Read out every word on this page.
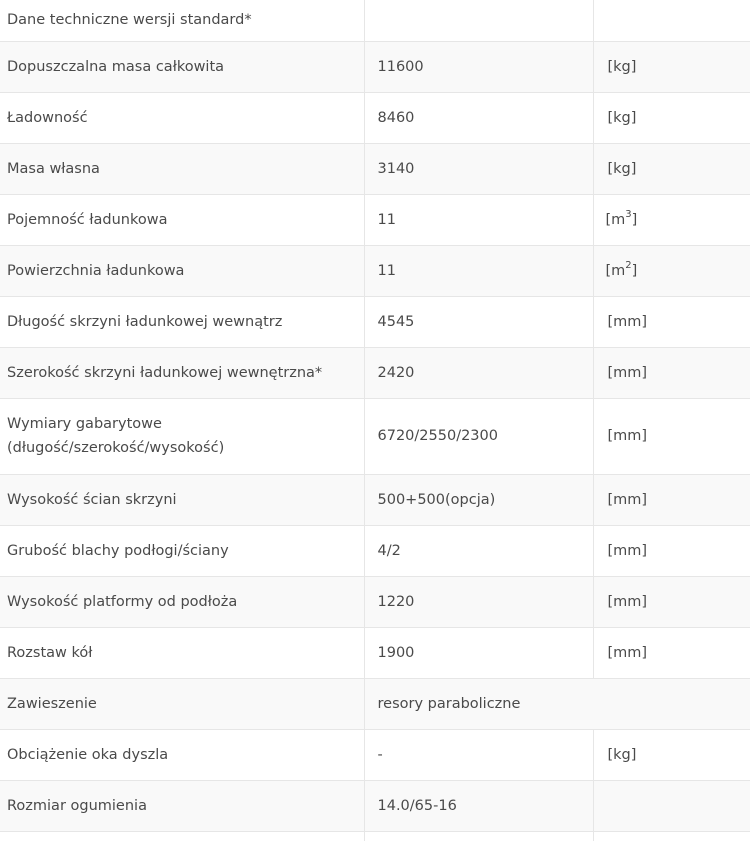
Dane techniczne wersji standard*		
Dopuszczalna masa całkowita	11600	[kg]
Ładowność	8460	[kg]
Masa własna	3140	[kg]
Pojemność ładunkowa	11	$[m^3]$
Powierzchnia ładunkowa	11	$[m^2]$
Długość skrzyni ładunkowej wewnątrz	4545	[mm]
Szerokość skrzyni ładunkowej wewnętrzna*	2420	[mm]
Wymiary gabarytowe
(długość/szerokość/wysokość)	6720/2550/2300	[mm]
Wysokość ścian skrzyni	500+500(opcja)	[mm]
Grubość blachy podłogi/ściany	4/2	[mm]
Wysokość platformy od podłoża	1220	[mm]
Rozstaw kół	1900	[mm]
Zawieszenie	resory paraboliczne	
Obciążenie oka dyszla	-	[kg]
Rozmiar ogumienia	14.0/65-16	
